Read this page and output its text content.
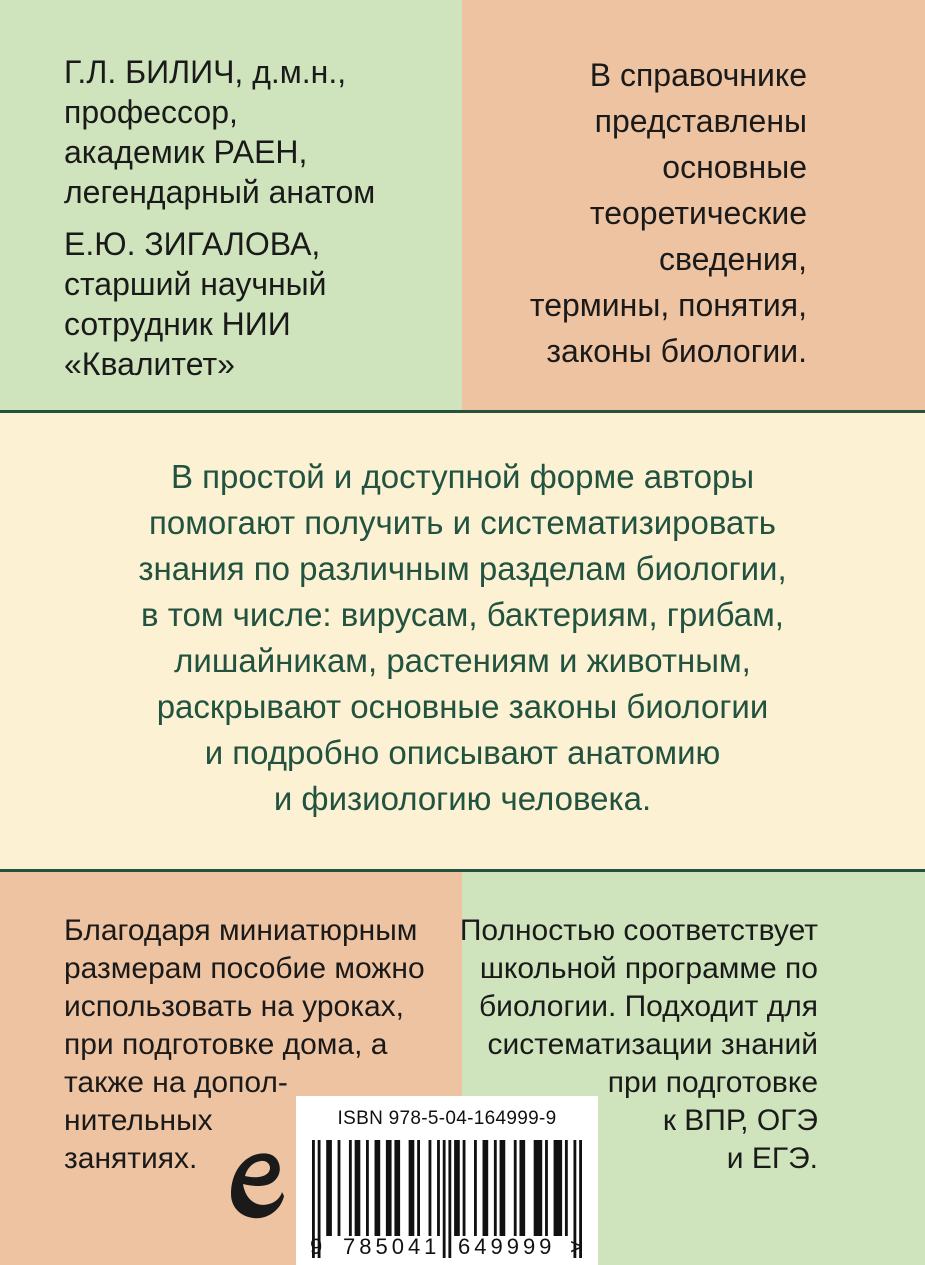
Г.Л. БИЛИЧ, д.м.н.,
профессор,
академик РАЕН,
легендарный анатом
Е.Ю. ЗИГАЛОВА,
старший научный
сотрудник НИИ
«Квалитет»
В справочнике
представлены
основные
теоретические
сведения,
термины, понятия,
законы биологии.
В простой и доступной форме авторы
помогают получить и систематизировать
знания по различным разделам биологии,
в том числе: вирусам, бактериям, грибам,
лишайникам, растениям и животным,
раскрывают основные законы биологии
и подробно описывают анатомию
и физиологию человека.
Благодаря миниатюрным
размерам пособие можно
использовать на уроках,
при подготовке дома, а
также на допол-
нительных
занятиях.
Полностью соответствует
школьной программе по
биологии. Подходит для
систематизации знаний
при подготовке
к ВПР, ОГЭ
и ЕГЭ.
ISBN 978-5-04-164999-9
9 785041 649999 >
